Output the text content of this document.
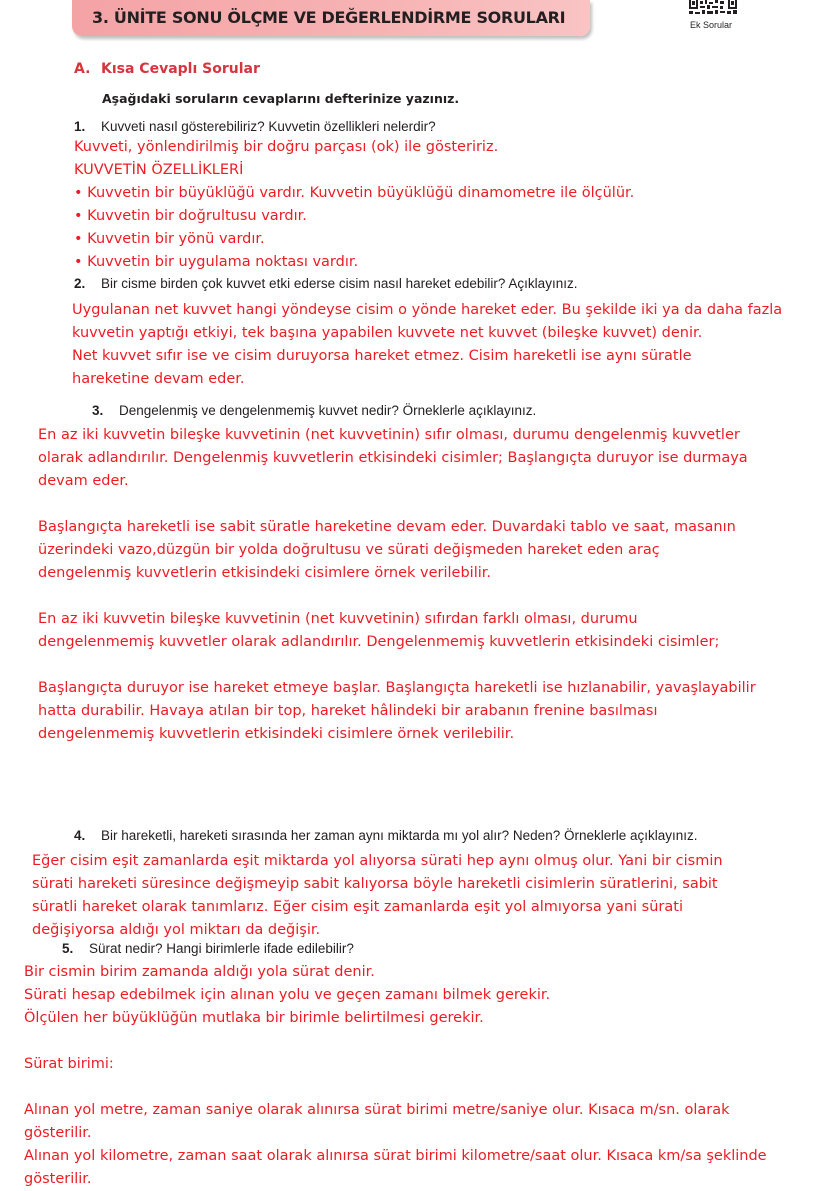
3. ÜNİTE SONU ÖLÇME VE DEĞERLENDİRME SORULARI	Ek Sorular
A. Kısa Cevaplı Sorular
Aşağıdaki soruların cevaplarını defterinize yazınız.
1. Kuvveti nasıl gösterebiliriz? Kuvvetin özellikleri nelerdir?
Kuvveti, yönlendirilmiş bir doğru parçası (ok) ile gösteririz.
KUVVETİN ÖZELLİKLERİ
• Kuvvetin bir büyüklüğü vardır. Kuvvetin büyüklüğü dinamometre ile ölçülür.
• Kuvvetin bir doğrultusu vardır.
• Kuvvetin bir yönü vardır.
• Kuvvetin bir uygulama noktası vardır.
2. Bir cisme birden çok kuvvet etki ederse cisim nasıl hareket edebilir? Açıklayınız.
Uygulanan net kuvvet hangi yöndeyse cisim o yönde hareket eder. Bu şekilde iki ya da daha fazla
kuvvetin yaptığı etkiyi, tek başına yapabilen kuvvete net kuvvet (bileşke kuvvet) denir.
Net kuvvet sıfır ise ve cisim duruyorsa hareket etmez. Cisim hareketli ise aynı süratle
hareketine devam eder.
3. Dengelenmiş ve dengelenmemiş kuvvet nedir? Örneklerle açıklayınız.
En az iki kuvvetin bileşke kuvvetinin (net kuvvetinin) sıfır olması, durumu dengelenmiş kuvvetler
olarak adlandırılır. Dengelenmiş kuvvetlerin etkisindeki cisimler; Başlangıçta duruyor ise durmaya
devam eder.
Başlangıçta hareketli ise sabit süratle hareketine devam eder. Duvardaki tablo ve saat, masanın
üzerindeki vazo,düzgün bir yolda doğrultusu ve sürati değişmeden hareket eden araç
dengelenmiş kuvvetlerin etkisindeki cisimlere örnek verilebilir.
En az iki kuvvetin bileşke kuvvetinin (net kuvvetinin) sıfırdan farklı olması, durumu
dengelenmemiş kuvvetler olarak adlandırılır. Dengelenmemiş kuvvetlerin etkisindeki cisimler;
Başlangıçta duruyor ise hareket etmeye başlar. Başlangıçta hareketli ise hızlanabilir, yavaşlayabilir
hatta durabilir. Havaya atılan bir top, hareket hâlindeki bir arabanın frenine basılması
dengelenmemiş kuvvetlerin etkisindeki cisimlere örnek verilebilir.
4. Bir hareketli, hareketi sırasında her zaman aynı miktarda mı yol alır? Neden? Örneklerle açıklayınız.
Eğer cisim eşit zamanlarda eşit miktarda yol alıyorsa sürati hep aynı olmuş olur. Yani bir cismin
sürati hareketi süresince değişmeyip sabit kalıyorsa böyle hareketli cisimlerin süratlerini, sabit
süratli hareket olarak tanımlarız. Eğer cisim eşit zamanlarda eşit yol almıyorsa yani sürati
değişiyorsa aldığı yol miktarı da değişir.
5. Sürat nedir? Hangi birimlerle ifade edilebilir?
Bir cismin birim zamanda aldığı yola sürat denir.
Sürati hesap edebilmek için alınan yolu ve geçen zamanı bilmek gerekir.
Ölçülen her büyüklüğün mutlaka bir birimle belirtilmesi gerekir.
Sürat birimi:
Alınan yol metre, zaman saniye olarak alınırsa sürat birimi metre/saniye olur. Kısaca m/sn. olarak
gösterilir.
Alınan yol kilometre, zaman saat olarak alınırsa sürat birimi kilometre/saat olur. Kısaca km/sa şeklinde
gösterilir.
